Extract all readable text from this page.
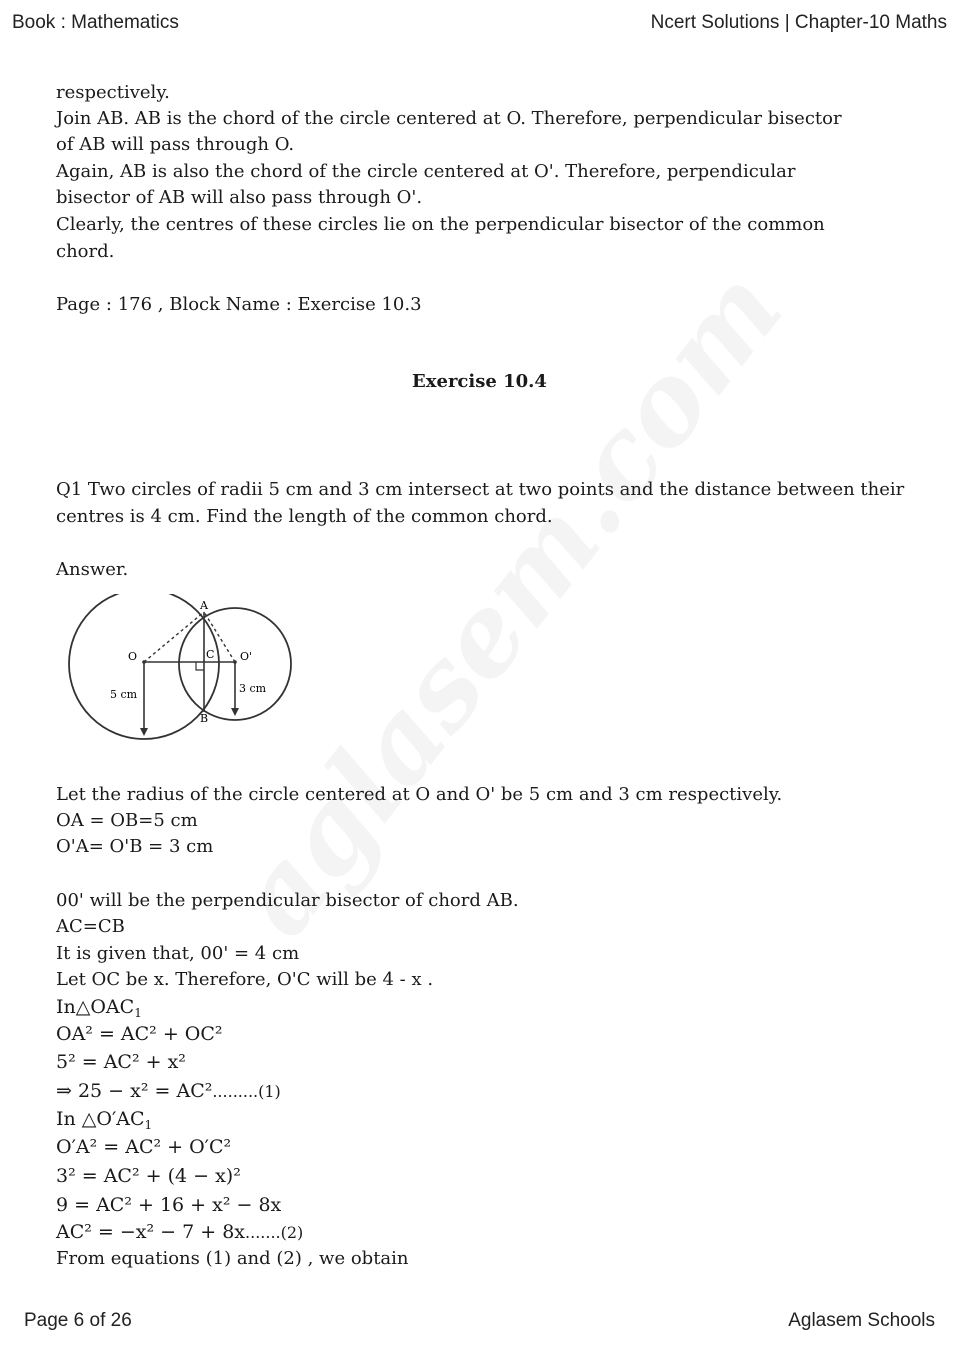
Book : Mathematics	Ncert Solutions | Chapter-10 Maths
respectively.
Join AB. AB is the chord of the circle centered at O. Therefore, perpendicular bisector
of AB will pass through O.
Again, AB is also the chord of the circle centered at O'. Therefore, perpendicular
bisector of AB will also pass through O'.
Clearly, the centres of these circles lie on the perpendicular bisector of the common
chord.
Page : 176 , Block Name : Exercise 10.3
Exercise 10.4
Q1 Two circles of radii 5 cm and 3 cm intersect at two points and the distance between their
centres is 4 cm. Find the length of the common chord.
Answer.
A
B
C
O	O'
5 cm	3 cm
Let the radius of the circle centered at O and O' be 5 cm and 3 cm respectively.
OA = OB=5 cm
O'A= O'B = 3 cm
00' will be the perpendicular bisector of chord AB.
AC=CB
It is given that, 00' = 4 cm
Let OC be x. Therefore, O'C will be 4 - x .
$In\triangle OAC_1$
OA² = AC² + OC²
5² = AC² + x²
⇒ 25 − x² = AC².........(1)
In $\triangle O'AC_1$
O′A² = AC² + O′C²
3² = AC² + (4 − x)²
9 = AC² + 16 + x² − 8x
AC² = −x² − 7 + 8x.......(2)
From equations (1) and (2) , we obtain
Page 6 of 26	Aglasem Schools
